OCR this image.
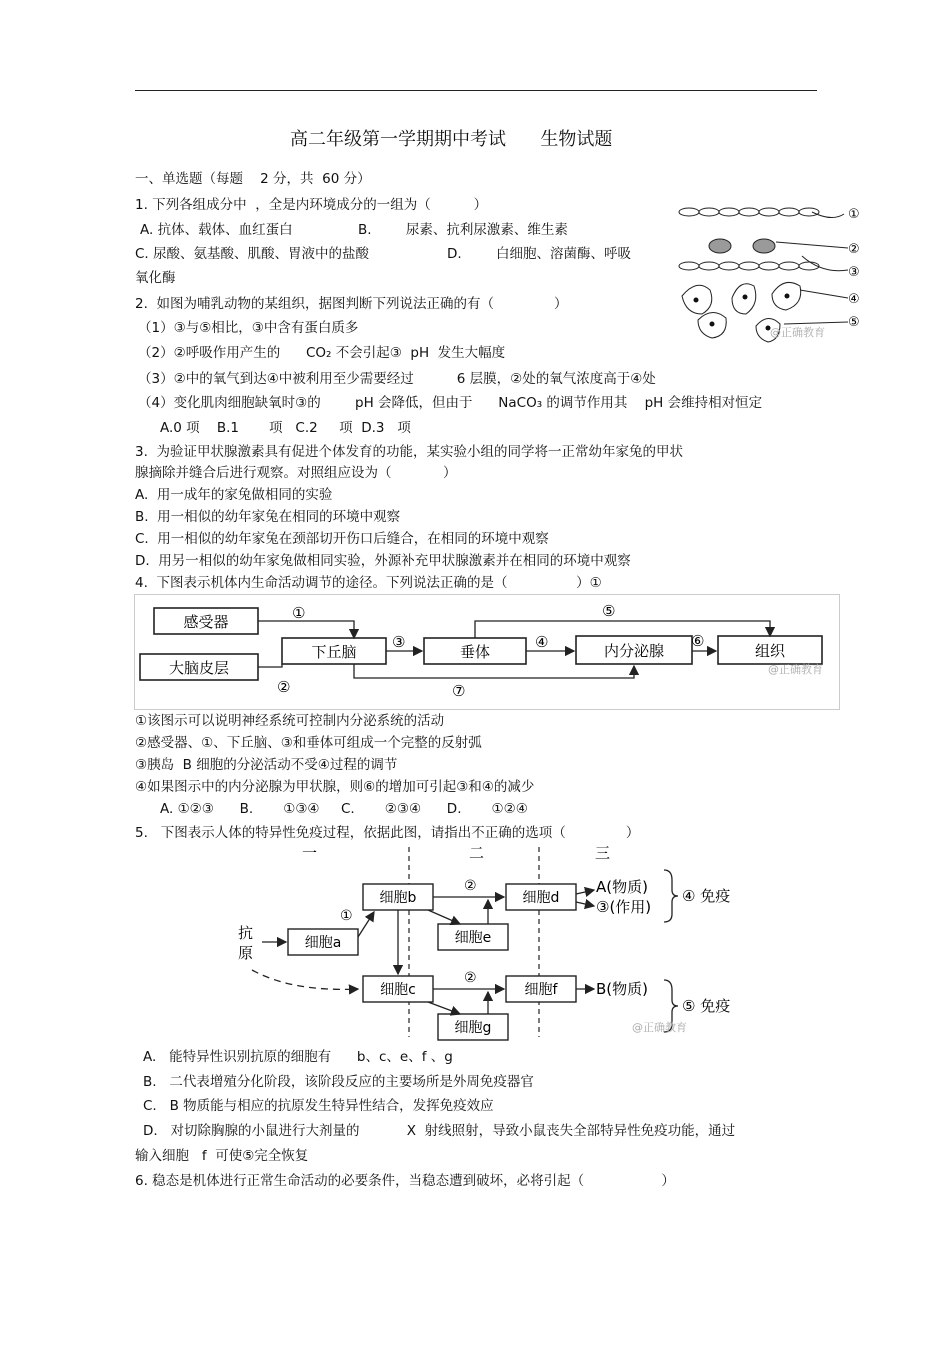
高二年级第一学期期中考试      生物试题
一、单选题（每题    2 分，共  60 分）
1. 下列各组成分中  ，全是内环境成分的一组为（          ）
A. 抗体、载体、血红蛋白	B.        尿素、抗利尿激素、维生素
C. 尿酸、氨基酸、肌酸、胃液中的盐酸	D.        白细胞、溶菌酶、呼吸
氧化酶
①
②
③
④
⑤
@正确教育
2.  如图为哺乳动物的某组织，据图判断下列说法正确的有（              ）
（1）③与⑤相比，③中含有蛋白质多
（2）②呼吸作用产生的      CO₂ 不会引起③  pH  发生大幅度
（3）②中的氧气到达④中被利用至少需要经过          6 层膜，②处的氧气浓度高于④处
（4）变化肌肉细胞缺氧时③的        pH 会降低，但由于      NaCO₃ 的调节作用其    pH 会维持相对恒定
A.0 项    B.1       项   C.2     项  D.3   项
3.  为验证甲状腺激素具有促进个体发育的功能，某实验小组的同学将一正常幼年家兔的甲状
腺摘除并缝合后进行观察。对照组应设为（            ）
A.  用一成年的家兔做相同的实验
B.  用一相似的幼年家兔在相同的环境中观察
C.  用一相似的幼年家兔在颈部切开伤口后缝合，在相同的环境中观察
D.  用另一相似的幼年家兔做相同实验，外源补充甲状腺激素并在相同的环境中观察
4.  下图表示机体内生命活动调节的途径。下列说法正确的是（                ）①
感受器
大脑皮层
下丘脑	垂体	内分泌腺	组织
①
②
③	④
⑤
⑥
⑦
@正确教育
①该图示可以说明神经系统可控制内分泌系统的活动
②感受器、①、下丘脑、③和垂体可组成一个完整的反射弧
③胰岛  B 细胞的分泌活动不受④过程的调节
④如果图示中的内分泌腺为甲状腺，则⑥的增加可引起③和④的减少
A. ①②③      B.       ①③④     C.       ②③④      D.       ①②④
5.   下图表示人体的特异性免疫过程，依据此图，请指出不正确的选项（              ）
一	二	三
抗
原
细胞a
细胞b
细胞c
细胞d
细胞e
细胞f
细胞g
①
②
②
A(物质)
③(作用)
B(物质)
④ 免疫
⑤ 免疫
@正确教育
A.   能特异性识别抗原的细胞有      b、c、e、f 、g
B.   二代表增殖分化阶段，该阶段反应的主要场所是外周免疫器官
C.   B 物质能与相应的抗原发生特异性结合，发挥免疫效应
D.   对切除胸腺的小鼠进行大剂量的           X  射线照射，导致小鼠丧失全部特异性免疫功能，通过
输入细胞   f  可使⑤完全恢复
6. 稳态是机体进行正常生命活动的必要条件，当稳态遭到破坏，必将引起（                  ）
